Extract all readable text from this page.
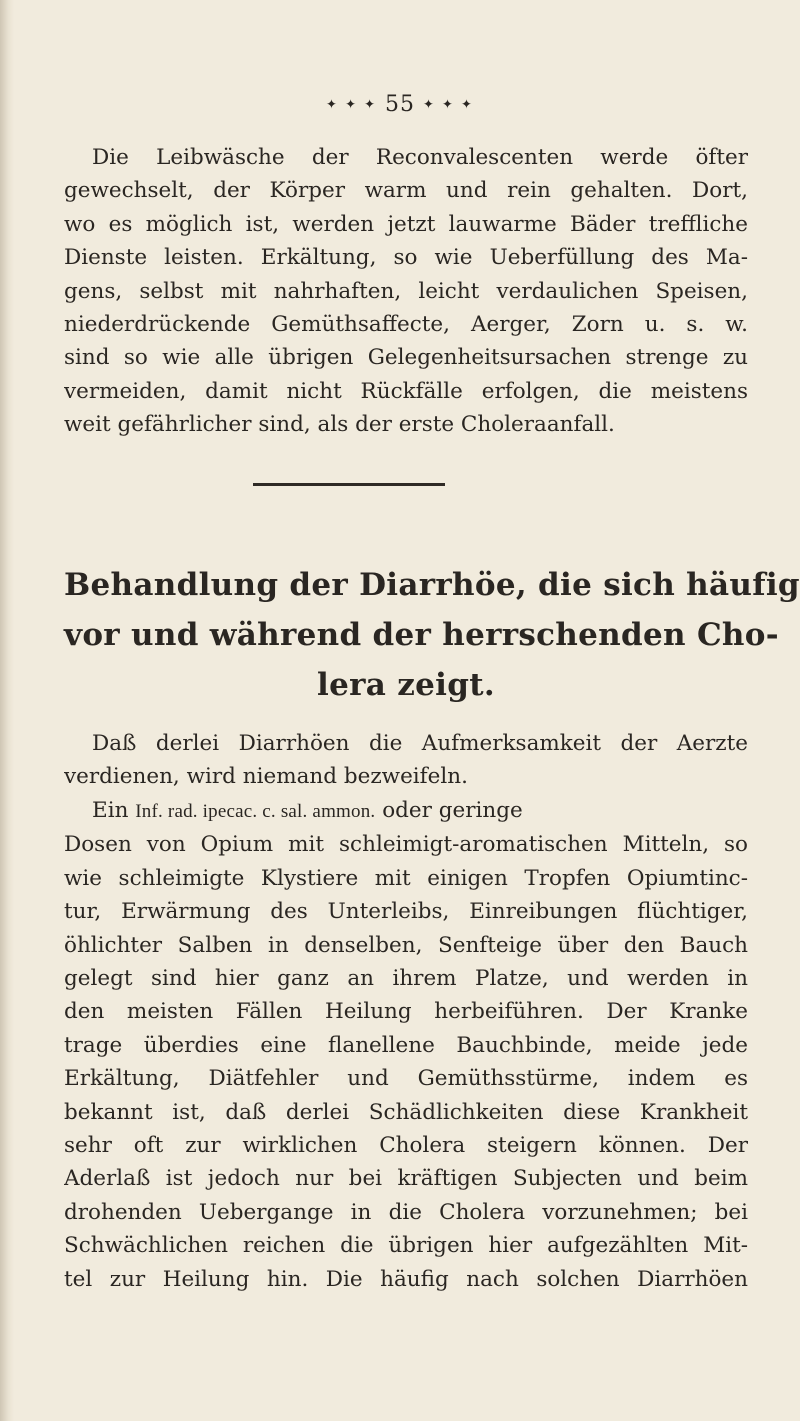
✦ ✦ ✦ 55 ✦ ✦ ✦
Die Leibwäsche der Reconvalescenten werde öfter
gewechselt, der Körper warm und rein gehalten. Dort,
wo es möglich ist, werden jetzt lauwarme Bäder treffliche
Dienste leisten. Erkältung, so wie Ueberfüllung des Ma-
gens, selbst mit nahrhaften, leicht verdaulichen Speisen,
niederdrückende Gemüthsaffecte, Aerger, Zorn u. s. w.
sind so wie alle übrigen Gelegenheitsursachen strenge zu
vermeiden, damit nicht Rückfälle erfolgen, die meistens
weit gefährlicher sind, als der erste Choleraanfall.
Behandlung der Diarrhöe, die sich häufig
vor und während der herrschenden Cho-
lera zeigt.
Daß derlei Diarrhöen die Aufmerksamkeit der Aerzte
verdienen, wird niemand bezweifeln.
Ein Inf. rad. ipecac. c. sal. ammon. oder geringe
Dosen von Opium mit schleimigt-aromatischen Mitteln, so
wie schleimigte Klystiere mit einigen Tropfen Opiumtinc-
tur, Erwärmung des Unterleibs, Einreibungen flüchtiger,
öhlichter Salben in denselben, Senfteige über den Bauch
gelegt sind hier ganz an ihrem Platze, und werden in
den meisten Fällen Heilung herbeiführen. Der Kranke
trage überdies eine flanellene Bauchbinde, meide jede
Erkältung, Diätfehler und Gemüthsstürme, indem es
bekannt ist, daß derlei Schädlichkeiten diese Krankheit
sehr oft zur wirklichen Cholera steigern können. Der
Aderlaß ist jedoch nur bei kräftigen Subjecten und beim
drohenden Uebergange in die Cholera vorzunehmen; bei
Schwächlichen reichen die übrigen hier aufgezählten Mit-
tel zur Heilung hin. Die häufig nach solchen Diarrhöen
